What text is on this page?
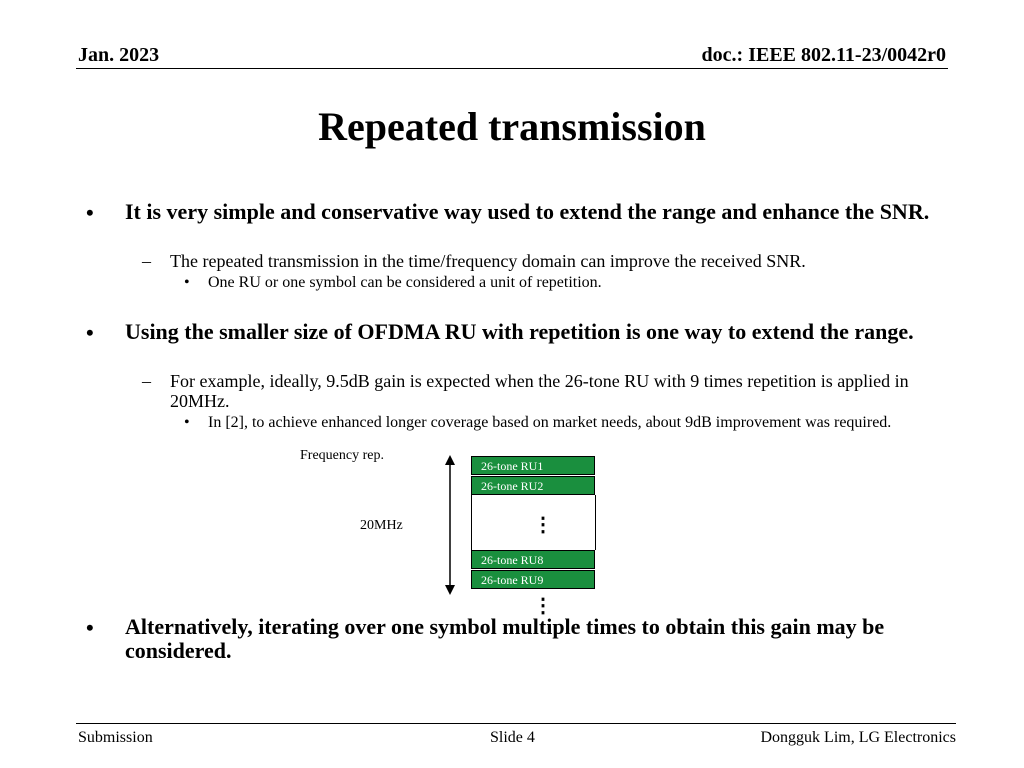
Jan. 2023	doc.: IEEE 802.11-23/0042r0
Repeated transmission
• It is very simple and conservative way used to extend the range and enhance the SNR.
– The repeated transmission in the time/frequency domain can improve the received SNR.
• One RU or one symbol can be considered a unit of repetition.
• Using the smaller size of OFDMA RU with repetition is one way to extend the range.
– For example, ideally, 9.5dB gain is expected when the 26-tone RU with 9 times repetition is applied in 20MHz.
• In [2], to achieve enhanced longer coverage based on market needs, about 9dB improvement was required.
Frequency rep.
20MHz
26-tone RU1
26-tone RU2
⋮
26-tone RU8
26-tone RU9
⋮
• Alternatively, iterating over one symbol multiple times to obtain this gain may be considered.
Submission	Slide 4	Dongguk Lim, LG Electronics
